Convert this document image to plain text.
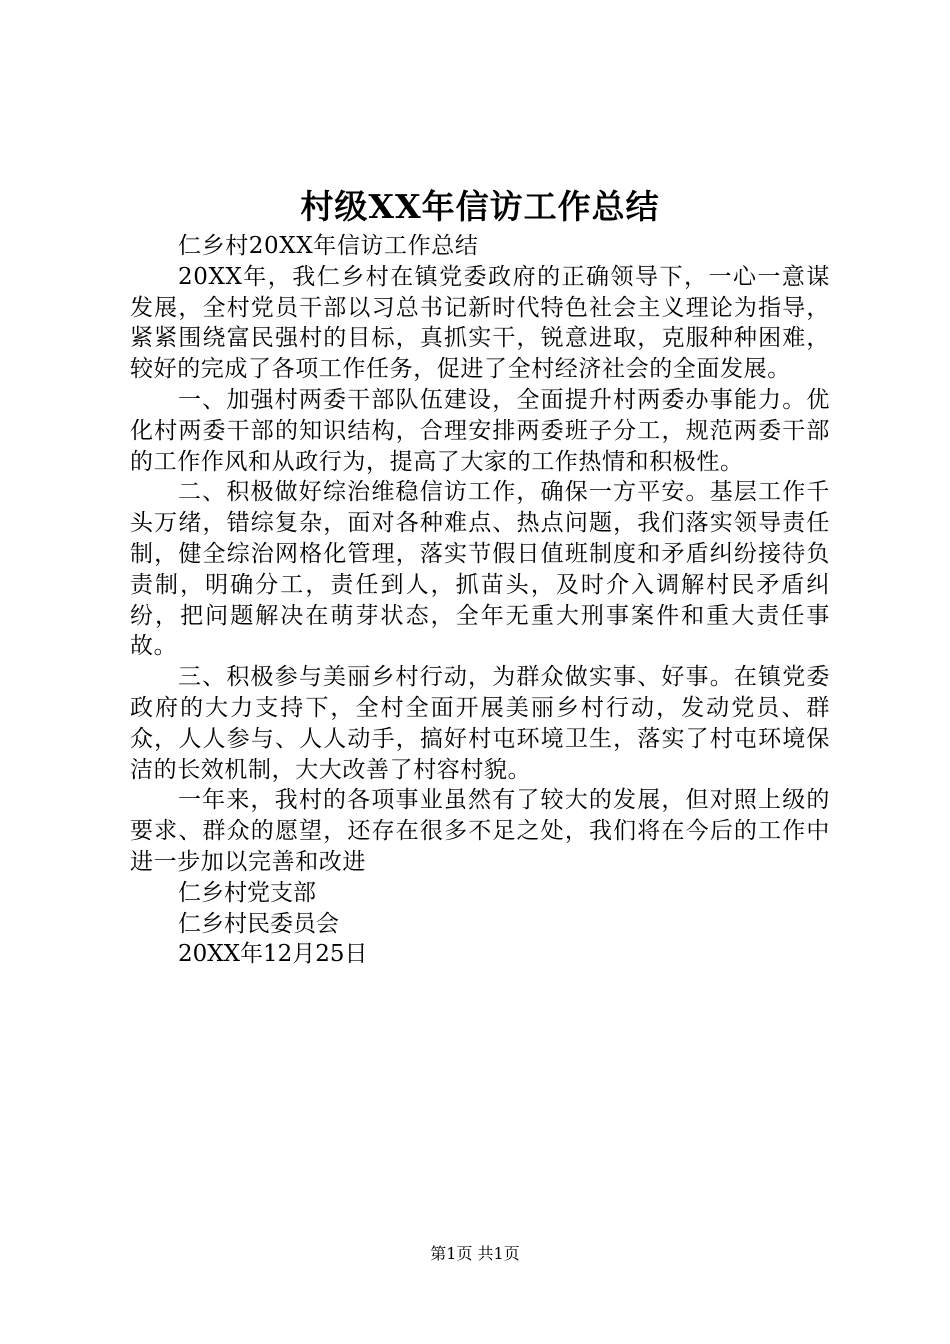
村级XX年信访工作总结

仁乡村20XX年信访工作总结

20XX年，我仁乡村在镇党委政府的正确领导下，一心一意谋发展，全村党员干部以习总书记新时代特色社会主义理论为指导，紧紧围绕富民强村的目标，真抓实干，锐意进取，克服种种困难，较好的完成了各项工作任务，促进了全村经济社会的全面发展。

一、加强村两委干部队伍建设，全面提升村两委办事能力。优化村两委干部的知识结构，合理安排两委班子分工，规范两委干部的工作作风和从政行为，提高了大家的工作热情和积极性。

二、积极做好综治维稳信访工作，确保一方平安。基层工作千头万绪，错综复杂，面对各种难点、热点问题，我们落实领导责任制，健全综治网格化管理，落实节假日值班制度和矛盾纠纷接待负责制，明确分工，责任到人，抓苗头，及时介入调解村民矛盾纠纷，把问题解决在萌芽状态，全年无重大刑事案件和重大责任事故。

三、积极参与美丽乡村行动，为群众做实事、好事。在镇党委政府的大力支持下，全村全面开展美丽乡村行动，发动党员、群众，人人参与、人人动手，搞好村屯环境卫生，落实了村屯环境保洁的长效机制，大大改善了村容村貌。

一年来，我村的各项事业虽然有了较大的发展，但对照上级的要求、群众的愿望，还存在很多不足之处，我们将在今后的工作中进一步加以完善和改进

仁乡村党支部

仁乡村民委员会

20XX年12月25日

第1页 共1页
